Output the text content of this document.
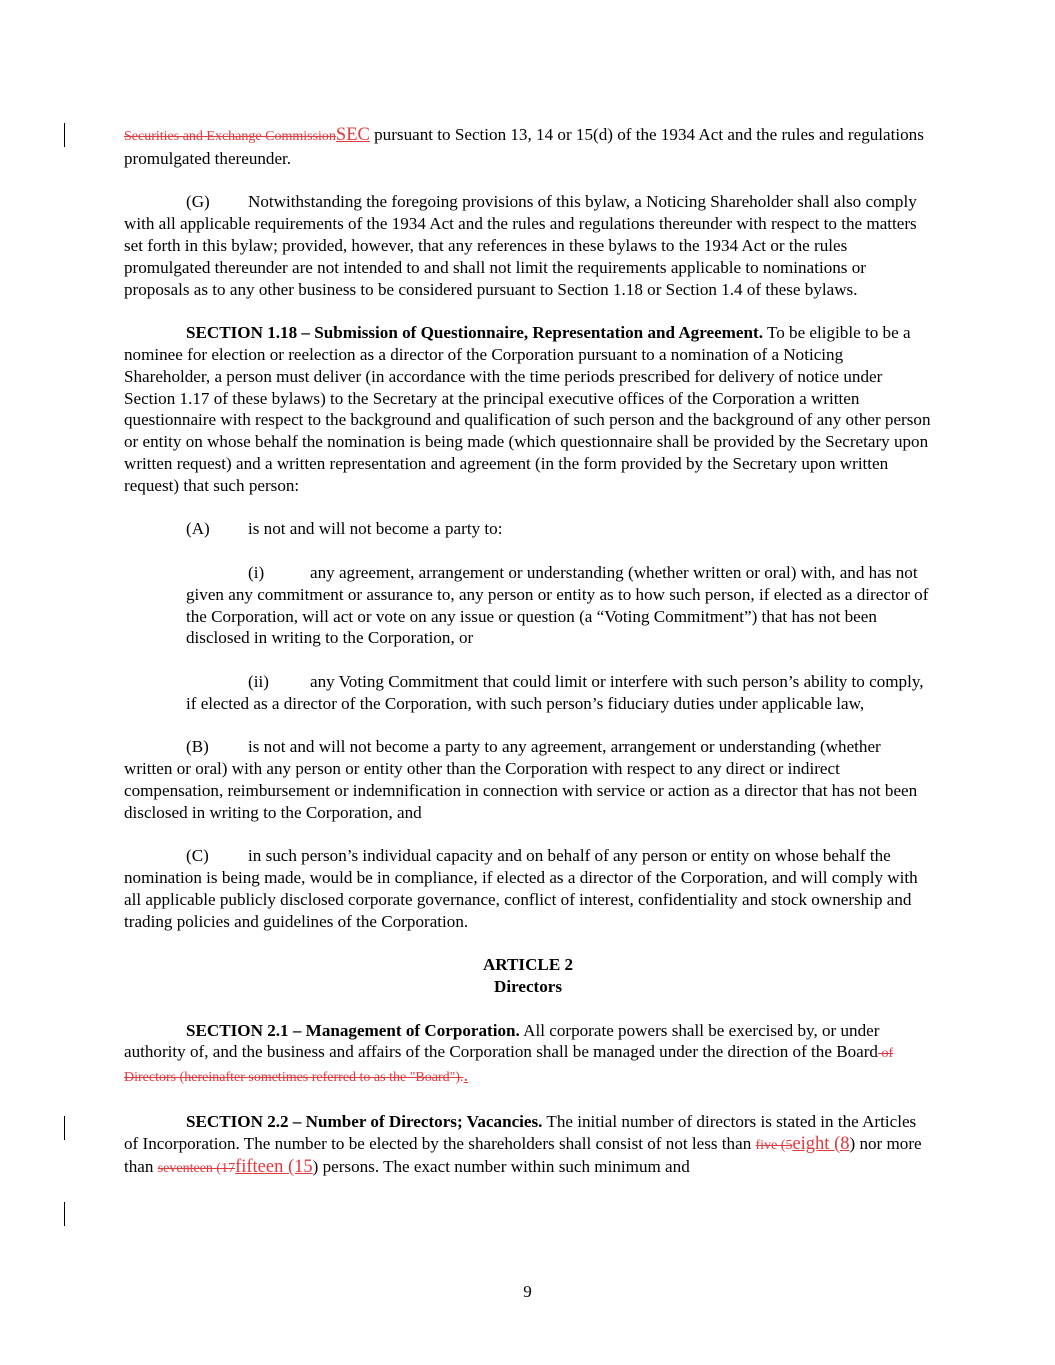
Securities and Exchange CommissionSEC pursuant to Section 13, 14 or 15(d) of the 1934 Act and the rules and regulations promulgated thereunder.

(G) Notwithstanding the foregoing provisions of this bylaw, a Noticing Shareholder shall also comply with all applicable requirements of the 1934 Act and the rules and regulations thereunder with respect to the matters set forth in this bylaw; provided, however, that any references in these bylaws to the 1934 Act or the rules promulgated thereunder are not intended to and shall not limit the requirements applicable to nominations or proposals as to any other business to be considered pursuant to Section 1.18 or Section 1.4 of these bylaws.

SECTION 1.18 – Submission of Questionnaire, Representation and Agreement. To be eligible to be a nominee for election or reelection as a director of the Corporation pursuant to a nomination of a Noticing Shareholder, a person must deliver (in accordance with the time periods prescribed for delivery of notice under Section 1.17 of these bylaws) to the Secretary at the principal executive offices of the Corporation a written questionnaire with respect to the background and qualification of such person and the background of any other person or entity on whose behalf the nomination is being made (which questionnaire shall be provided by the Secretary upon written request) and a written representation and agreement (in the form provided by the Secretary upon written request) that such person:

(A) is not and will not become a party to:

(i)	any agreement, arrangement or understanding (whether written or oral) with, and has not given any commitment or assurance to, any person or entity as to how such person, if elected as a director of the Corporation, will act or vote on any issue or question (a “Voting Commitment”) that has not been disclosed in writing to the Corporation, or

(ii) any Voting Commitment that could limit or interfere with such person’s ability to comply, if elected as a director of the Corporation, with such person’s fiduciary duties under applicable law,

(B) is not and will not become a party to any agreement, arrangement or understanding (whether written or oral) with any person or entity other than the Corporation with respect to any direct or indirect compensation, reimbursement or indemnification in connection with service or action as a director that has not been disclosed in writing to the Corporation, and

(C) in such person’s individual capacity and on behalf of any person or entity on whose behalf the nomination is being made, would be in compliance, if elected as a director of the Corporation, and will comply with all applicable publicly disclosed corporate governance, conflict of interest, confidentiality and stock ownership and trading policies and guidelines of the Corporation.

ARTICLE 2

Directors

SECTION 2.1 – Management of Corporation. All corporate powers shall be exercised by, or under authority of, and the business and affairs of the Corporation shall be managed under the direction of the Board of Directors (hereinafter sometimes referred to as the "Board")..

SECTION 2.2 – Number of Directors; Vacancies. The initial number of directors is stated in the Articles of Incorporation. The number to be elected by the shareholders shall consist of not less than five (5eight (8) nor more than seventeen (17fifteen (15) persons. The exact number within such minimum and

9
